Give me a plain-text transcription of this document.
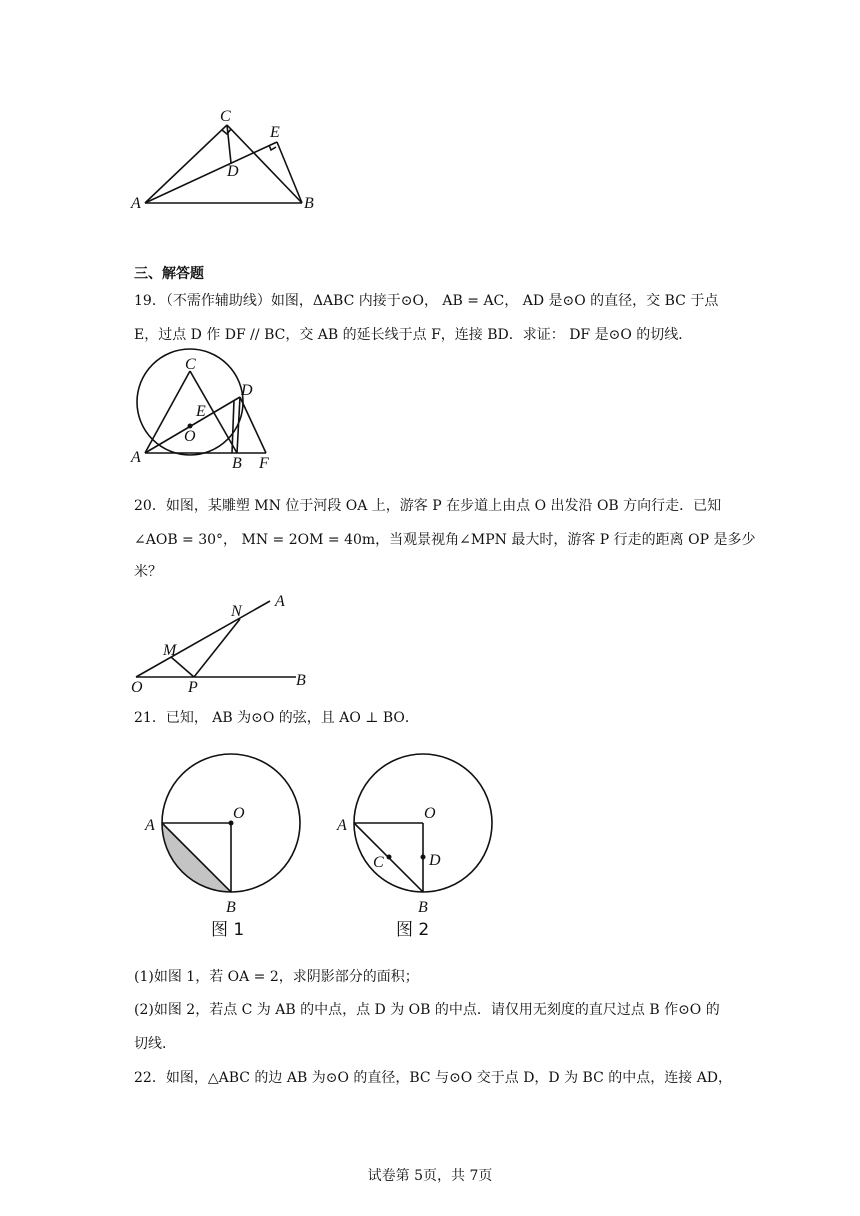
C
E
D
A	B
三、解答题
19．（不需作辅助线）如图，ΔABC 内接于⊙O， AB = AC， AD 是⊙O 的直径，交 BC 于点
E，过点 D 作 DF // BC，交 AB 的延长线于点 F，连接 BD．求证： DF 是⊙O 的切线．
C
D
E
O
A	B F
20．如图，某雕塑 MN 位于河段 OA 上，游客 P 在步道上由点 O 出发沿 OB 方向行走．已知
∠AOB = 30°， MN = 2OM = 40m，当观景视角∠MPN 最大时，游客 P 行走的距离 OP 是多少
米？
N
A
M
O	P	B
21．已知， AB 为⊙O 的弦，且 AO ⊥ BO．
A
O
B
图 1
A
O
C	D
B
图 2
(1)如图 1，若 OA = 2，求阴影部分的面积；
(2)如图 2，若点 C 为 AB 的中点，点 D 为 OB 的中点．请仅用无刻度的直尺过点 B 作⊙O 的
切线．
22．如图，△ABC 的边 AB 为⊙O 的直径，BC 与⊙O 交于点 D，D 为 BC 的中点，连接 AD，
试卷第 5页，共 7页
